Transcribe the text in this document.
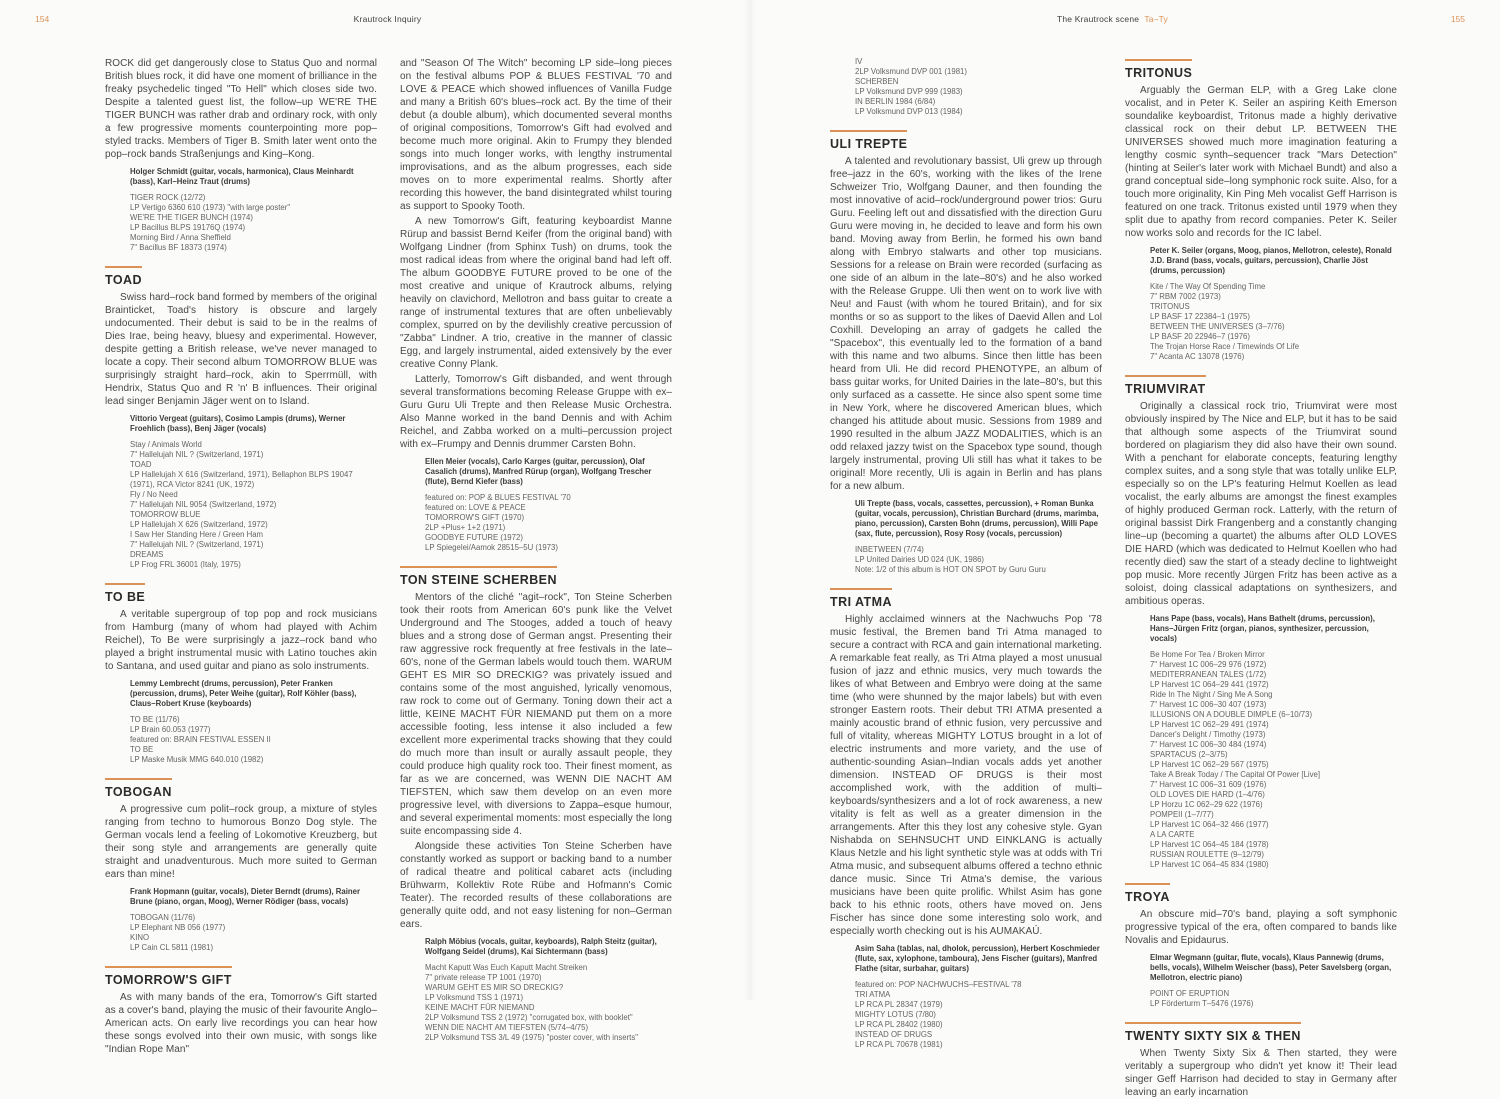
154	Krautrock Inquiry	The Krautrock scene Ta–Ty	155

ROCK did get dangerously close to Status Quo and normal British blues rock, it did have one moment of brilliance in the freaky psychedelic tinged "To Hell" which closes side two. Despite a talented guest list, the follow–up WE'RE THE TIGER BUNCH was rather drab and ordinary rock, with only a few progressive moments counterpointing more pop–styled tracks. Members of Tiger B. Smith later went onto the pop–rock bands Straßenjungs and King–Kong.

Holger Schmidt (guitar, vocals, harmonica), Claus Meinhardt (bass), Karl–Heinz Traut (drums)

TIGER ROCK (12/72)
LP Vertigo 6360 610 (1973) "with large poster"
WE'RE THE TIGER BUNCH (1974)
LP Bacillus BLPS 19176Q (1974)
Morning Bird / Anna Sheffield
7" Bacillus BF 18373 (1974)
TOAD

Swiss hard–rock band formed by members of the original Brainticket, Toad's history is obscure and largely undocumented. Their debut is said to be in the realms of Dies Irae, being heavy, bluesy and experimental. However, despite getting a British release, we've never managed to locate a copy. Their second album TOMORROW BLUE was surprisingly straight hard–rock, akin to Sperrmüll, with Hendrix, Status Quo and R 'n' B influences. Their original lead singer Benjamin Jäger went on to Island.

Vittorio Vergeat (guitars), Cosimo Lampis (drums), Werner Froehlich (bass), Benj Jäger (vocals)

Stay / Animals World
7" Hallelujah NIL ? (Switzerland, 1971)
TOAD
LP Hallelujah X 616 (Switzerland, 1971), Bellaphon BLPS 19047 (1971), RCA Victor 8241 (UK, 1972)
Fly / No Need
7" Hallelujah NIL 9054 (Switzerland, 1972)
TOMORROW BLUE
LP Hallelujah X 626 (Switzerland, 1972)
I Saw Her Standing Here / Green Ham
7" Hallelujah NIL ? (Switzerland, 1971)
DREAMS
LP Frog FRL 36001 (Italy, 1975)
TO BE

A veritable supergroup of top pop and rock musicians from Hamburg (many of whom had played with Achim Reichel), To Be were surprisingly a jazz–rock band who played a bright instrumental music with Latino touches akin to Santana, and used guitar and piano as solo instruments.

Lemmy Lembrecht (drums, percussion), Peter Franken (percussion, drums), Peter Weihe (guitar), Rolf Köhler (bass), Claus–Robert Kruse (keyboards)

TO BE (11/76)
LP Brain 60.053 (1977)
featured on: BRAIN FESTIVAL ESSEN II
TO BE
LP Maske Musik MMG 640.010 (1982)
TOBOGAN

A progressive cum polit–rock group, a mixture of styles ranging from techno to humorous Bonzo Dog style. The German vocals lend a feeling of Lokomotive Kreuzberg, but their song style and arrangements are generally quite straight and unadventurous. Much more suited to German ears than mine!

Frank Hopmann (guitar, vocals), Dieter Berndt (drums), Rainer Brune (piano, organ, Moog), Werner Rödiger (bass, vocals)

TOBOGAN (11/76)
LP Elephant NB 056 (1977)
KINO
LP Cain CL 5811 (1981)
TOMORROW'S GIFT

As with many bands of the era, Tomorrow's Gift started as a cover's band, playing the music of their favourite Anglo–American acts. On early live recordings you can hear how these songs evolved into their own music, with songs like "Indian Rope Man"

and "Season Of The Witch" becoming LP side–long pieces on the festival albums POP & BLUES FESTIVAL '70 and LOVE & PEACE which showed influences of Vanilla Fudge and many a British 60's blues–rock act. By the time of their debut (a double album), which documented several months of original compositions, Tomorrow's Gift had evolved and become much more original. Akin to Frumpy they blended songs into much longer works, with lengthy instrumental improvisations, and as the album progresses, each side moves on to more experimental realms. Shortly after recording this however, the band disintegrated whilst touring as support to Spooky Tooth.

A new Tomorrow's Gift, featuring keyboardist Manne Rürup and bassist Bernd Keifer (from the original band) with Wolfgang Lindner (from Sphinx Tush) on drums, took the most radical ideas from where the original band had left off. The album GOODBYE FUTURE proved to be one of the most creative and unique of Krautrock albums, relying heavily on clavichord, Mellotron and bass guitar to create a range of instrumental textures that are often unbelievably complex, spurred on by the devilishly creative percussion of "Zabba" Lindner. A trio, creative in the manner of classic Egg, and largely instrumental, aided extensively by the ever creative Conny Plank.

Latterly, Tomorrow's Gift disbanded, and went through several transformations becoming Release Gruppe with ex–Guru Guru Uli Trepte and then Release Music Orchestra. Also Manne worked in the band Dennis and with Achim Reichel, and Zabba worked on a multi–percussion project with ex–Frumpy and Dennis drummer Carsten Bohn.

Ellen Meier (vocals), Carlo Karges (guitar, percussion), Olaf Casalich (drums), Manfred Rürup (organ), Wolfgang Trescher (flute), Bernd Kiefer (bass)

featured on: POP & BLUES FESTIVAL '70
featured on: LOVE & PEACE
TOMORROW'S GIFT (1970)
2LP +Plus+ 1+2 (1971)
GOODBYE FUTURE (1972)
LP Spiegelei/Aamok 28515–5U (1973)
TON STEINE SCHERBEN

Mentors of the cliché "agit–rock", Ton Steine Scherben took their roots from American 60's punk like the Velvet Underground and The Stooges, added a touch of heavy blues and a strong dose of German angst. Presenting their raw aggressive rock frequently at free festivals in the late–60's, none of the German labels would touch them. WARUM GEHT ES MIR SO DRECKIG? was privately issued and contains some of the most anguished, lyrically venomous, raw rock to come out of Germany. Toning down their act a little, KEINE MACHT FÜR NIEMAND put them on a more accessible footing, less intense it also included a few excellent more experimental tracks showing that they could do much more than insult or aurally assault people, they could produce high quality rock too. Their finest moment, as far as we are concerned, was WENN DIE NACHT AM TIEFSTEN, which saw them develop on an even more progressive level, with diversions to Zappa–esque humour, and several experimental moments: most especially the long suite encompassing side 4.

Alongside these activities Ton Steine Scherben have constantly worked as support or backing band to a number of radical theatre and political cabaret acts (including Brühwarm, Kollektiv Rote Rübe and Hofmann's Comic Teater). The recorded results of these collaborations are generally quite odd, and not easy listening for non–German ears.

Ralph Möbius (vocals, guitar, keyboards), Ralph Steitz (guitar), Wolfgang Seidel (drums), Kai Sichtermann (bass)

Macht Kaputt Was Euch Kaputt Macht Streiken
7" private release TP 1001 (1970)
WARUM GEHT ES MIR SO DRECKIG?
LP Volksmund TSS 1 (1971)
KEINE MACHT FÜR NIEMAND
2LP Volksmund TSS 2 (1972) "corrugated box, with booklet"
WENN DIE NACHT AM TIEFSTEN (5/74–4/75)
2LP Volksmund TSS 3/L 49 (1975) "poster cover, with inserts"
IV
2LP Volksmund DVP 001 (1981)
SCHERBEN
LP Volksmund DVP 999 (1983)
IN BERLIN 1984 (6/84)
LP Volksmund DVP 013 (1984)
ULI TREPTE

A talented and revolutionary bassist, Uli grew up through free–jazz in the 60's, working with the likes of the Irene Schweizer Trio, Wolfgang Dauner, and then founding the most innovative of acid–rock/underground power trios: Guru Guru. Feeling left out and dissatisfied with the direction Guru Guru were moving in, he decided to leave and form his own band. Moving away from Berlin, he formed his own band along with Embryo stalwarts and other top musicians. Sessions for a release on Brain were recorded (surfacing as one side of an album in the late–80's) and he also worked with the Release Gruppe. Uli then went on to work live with Neu! and Faust (with whom he toured Britain), and for six months or so as support to the likes of Daevid Allen and Lol Coxhill. Developing an array of gadgets he called the "Spacebox", this eventually led to the formation of a band with this name and two albums. Since then little has been heard from Uli. He did record PHENOTYPE, an album of bass guitar works, for United Dairies in the late–80's, but this only surfaced as a cassette. He since also spent some time in New York, where he discovered American blues, which changed his attitude about music. Sessions from 1989 and 1990 resulted in the album JAZZ MODALITIES, which is an odd relaxed jazzy twist on the Spacebox type sound, though largely instrumental, proving Uli still has what it takes to be original! More recently, Uli is again in Berlin and has plans for a new album.

Uli Trepte (bass, vocals, cassettes, percussion), + Roman Bunka (guitar, vocals, percussion), Christian Burchard (drums, marimba, piano, percussion), Carsten Bohn (drums, percussion), Willi Pape (sax, flute, percussion), Rosy Rosy (vocals, percussion)

INBETWEEN (7/74)
LP United Dairies UD 024 (UK, 1986)
Note: 1/2 of this album is HOT ON SPOT by Guru Guru
TRI ATMA

Highly acclaimed winners at the Nachwuchs Pop '78 music festival, the Bremen band Tri Atma managed to secure a contract with RCA and gain international marketing. A remarkable feat really, as Tri Atma played a most unusual fusion of jazz and ethnic musics, very much towards the likes of what Between and Embryo were doing at the same time (who were shunned by the major labels) but with even stronger Eastern roots. Their debut TRI ATMA presented a mainly acoustic brand of ethnic fusion, very percussive and full of vitality, whereas MIGHTY LOTUS brought in a lot of electric instruments and more variety, and the use of authentic-sounding Asian–Indian vocals adds yet another dimension. INSTEAD OF DRUGS is their most accomplished work, with the addition of multi–keyboards/synthesizers and a lot of rock awareness, a new vitality is felt as well as a greater dimension in the arrangements. After this they lost any cohesive style. Gyan Nishabda on SEHNSUCHT UND EINKLANG is actually Klaus Netzle and his light synthetic style was at odds with Tri Atma music, and subsequent albums offered a techno ethnic dance music. Since Tri Atma's demise, the various musicians have been quite prolific. Whilst Asim has gone back to his ethnic roots, others have moved on. Jens Fischer has since done some interesting solo work, and especially worth checking out is his AUMAKAÚ.

Asim Saha (tablas, nal, dholok, percussion), Herbert Koschmieder (flute, sax, xylophone, tamboura), Jens Fischer (guitars), Manfred Flathe (sitar, surbahar, guitars)

featured on: POP NACHWUCHS–FESTIVAL '78
TRI ATMA
LP RCA PL 28347 (1979)
MIGHTY LOTUS (7/80)
LP RCA PL 28402 (1980)
INSTEAD OF DRUGS
LP RCA PL 70678 (1981)
TRITONUS

Arguably the German ELP, with a Greg Lake clone vocalist, and in Peter K. Seiler an aspiring Keith Emerson soundalike keyboardist, Tritonus made a highly derivative classical rock on their debut LP. BETWEEN THE UNIVERSES showed much more imagination featuring a lengthy cosmic synth–sequencer track "Mars Detection" (hinting at Seiler's later work with Michael Bundt) and also a grand conceptual side–long symphonic rock suite. Also, for a touch more originality, Kin Ping Meh vocalist Geff Harrison is featured on one track. Tritonus existed until 1979 when they split due to apathy from record companies. Peter K. Seiler now works solo and records for the IC label.

Peter K. Seiler (organs, Moog, pianos, Mellotron, celeste), Ronald J.D. Brand (bass, vocals, guitars, percussion), Charlie Jöst (drums, percussion)

Kite / The Way Of Spending Time
7" RBM 7002 (1973)
TRITONUS
LP BASF 17 22384–1 (1975)
BETWEEN THE UNIVERSES (3–7/76)
LP BASF 20 22946–7 (1976)
The Trojan Horse Race / Timewinds Of Life
7" Acanta AC 13078 (1976)
TRIUMVIRAT

Originally a classical rock trio, Triumvirat were most obviously inspired by The Nice and ELP, but it has to be said that although some aspects of the Triumvirat sound bordered on plagiarism they did also have their own sound. With a penchant for elaborate concepts, featuring lengthy complex suites, and a song style that was totally unlike ELP, especially so on the LP's featuring Helmut Koellen as lead vocalist, the early albums are amongst the finest examples of highly produced German rock. Latterly, with the return of original bassist Dirk Frangenberg and a constantly changing line–up (becoming a quartet) the albums after OLD LOVES DIE HARD (which was dedicated to Helmut Koellen who had recently died) saw the start of a steady decline to lightweight pop music. More recently Jürgen Fritz has been active as a soloist, doing classical adaptations on synthesizers, and ambitious operas.

Hans Pape (bass, vocals), Hans Bathelt (drums, percussion), Hans–Jürgen Fritz (organ, pianos, synthesizer, percussion, vocals)

Be Home For Tea / Broken Mirror
7" Harvest 1C 006–29 976 (1972)
MEDITERRANEAN TALES (1/72)
LP Harvest 1C 064–29 441 (1972)
Ride In The Night / Sing Me A Song
7" Harvest 1C 006–30 407 (1973)
ILLUSIONS ON A DOUBLE DIMPLE (6–10/73)
LP Harvest 1C 062–29 491 (1974)
Dancer's Delight / Timothy (1973)
7" Harvest 1C 006–30 484 (1974)
SPARTACUS (2–3/75)
LP Harvest 1C 062–29 567 (1975)
Take A Break Today / The Capital Of Power [Live]
7" Harvest 1C 006–31 609 (1976)
OLD LOVES DIE HARD (1–4/76)
LP Horzu 1C 062–29 622 (1976)
POMPEII (1–7/77)
LP Harvest 1C 064–32 466 (1977)
A LA CARTE
LP Harvest 1C 064–45 184 (1978)
RUSSIAN ROULETTE (9–12/79)
LP Harvest 1C 064–45 834 (1980)
TROYA

An obscure mid–70's band, playing a soft symphonic progressive typical of the era, often compared to bands like Novalis and Epidaurus.

Elmar Wegmann (guitar, flute, vocals), Klaus Pannewig (drums, bells, vocals), Wilhelm Weischer (bass), Peter Savelsberg (organ, Mellotron, electric piano)

POINT OF ERUPTION
LP Förderturm T–5476 (1976)
TWENTY SIXTY SIX & THEN

When Twenty Sixty Six & Then started, they were veritably a supergroup who didn't yet know it! Their lead singer Geff Harrison had decided to stay in Germany after leaving an early incarnation
